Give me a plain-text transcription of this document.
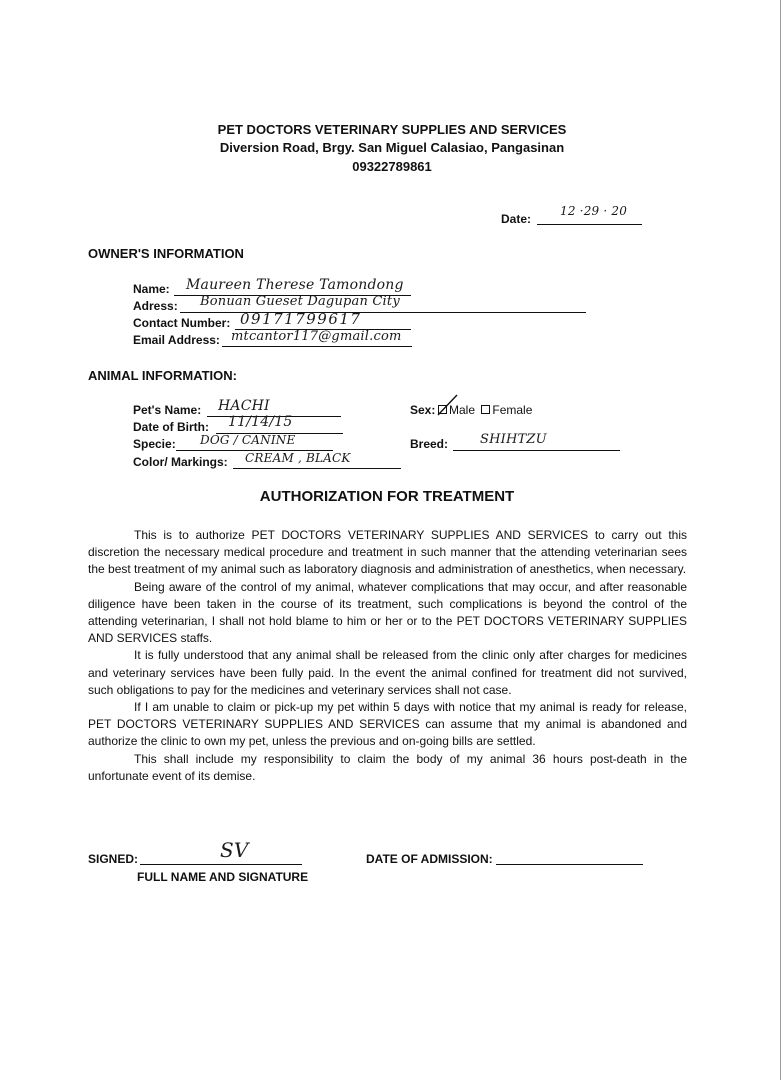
PET DOCTORS VETERINARY SUPPLIES AND SERVICES
Diversion Road, Brgy. San Miguel Calasiao, Pangasinan
09322789861
Date:
12 ·29 · 20
OWNER'S INFORMATION
Name: Maureen Therese Tamondong
Adress: Bonuan Gueset Dagupan City
Contact Number: 09171799617
Email Address: mtcantor117@gmail.com
ANIMAL INFORMATION:
Pet's Name: HACHI
Date of Birth: 11/14/15
Specie: DOG / CANINE
Color/ Markings: CREAM , BLACK
Sex:	Male Female
Breed: SHIHTZU
AUTHORIZATION FOR TREATMENT

This is to authorize PET DOCTORS VETERINARY SUPPLIES AND SERVICES to carry out this discretion the necessary medical procedure and treatment in such manner that the attending veterinarian sees the best treatment of my animal such as laboratory diagnosis and administration of anesthetics, when necessary.

Being aware of the control of my animal, whatever complications that may occur, and after reasonable diligence have been taken in the course of its treatment, such complications is beyond the control of the attending veterinarian, I shall not hold blame to him or her or to the PET DOCTORS VETERINARY SUPPLIES AND SERVICES staffs.

It is fully understood that any animal shall be released from the clinic only after charges for medicines and veterinary services have been fully paid. In the event the animal confined for treatment did not survived, such obligations to pay for the medicines and veterinary services shall not case.

If I am unable to claim or pick-up my pet within 5 days with notice that my animal is ready for release, PET DOCTORS VETERINARY SUPPLIES AND SERVICES can assume that my animal is abandoned and authorize the clinic to own my pet, unless the previous and on-going bills are settled.

This shall include my responsibility to claim the body of my animal 36 hours post-death in the unfortunate event of its demise.

SIGNED:	SV
FULL NAME AND SIGNATURE
DATE OF ADMISSION:
